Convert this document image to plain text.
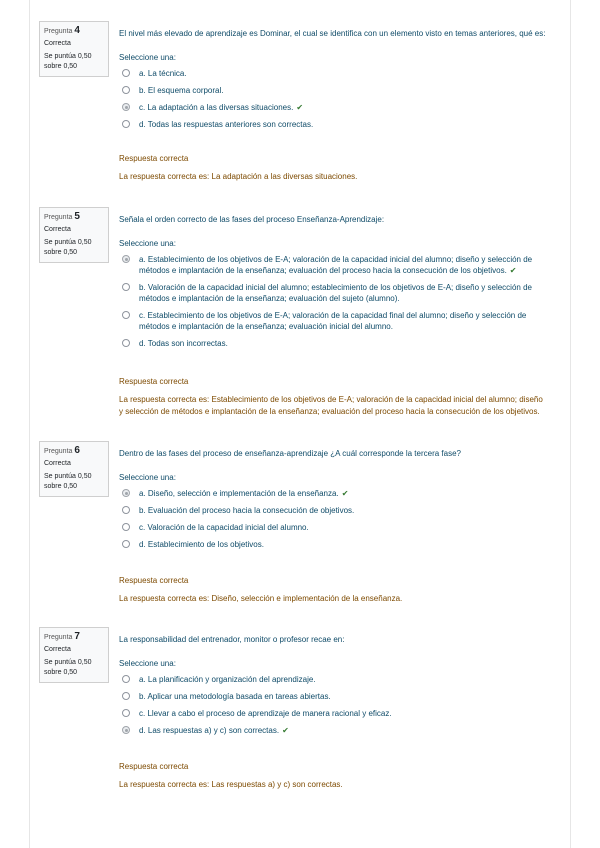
Pregunta 4
Correcta
Se puntúa 0,50
sobre 0,50
El nivel más elevado de aprendizaje es Dominar, el cual se identifica con un elemento visto en temas anteriores, qué es:
Seleccione una:
a. La técnica.
b. El esquema corporal.
c. La adaptación a las diversas situaciones. ✔
d. Todas las respuestas anteriores son correctas.
Respuesta correcta
La respuesta correcta es: La adaptación a las diversas situaciones.
Pregunta 5
Correcta
Se puntúa 0,50
sobre 0,50
Señala el orden correcto de las fases del proceso Enseñanza-Aprendizaje:
Seleccione una:
a. Establecimiento de los objetivos de E-A; valoración de la capacidad inicial del alumno; diseño y selección de métodos e implantación de la enseñanza; evaluación del proceso hacia la consecución de los objetivos. ✔
b. Valoración de la capacidad inicial del alumno; establecimiento de los objetivos de E-A; diseño y selección de métodos e implantación de la enseñanza; evaluación del sujeto (alumno).
c. Establecimiento de los objetivos de E-A; valoración de la capacidad final del alumno; diseño y selección de métodos e implantación de la enseñanza; evaluación inicial del alumno.
d. Todas son incorrectas.
Respuesta correcta
La respuesta correcta es: Establecimiento de los objetivos de E-A; valoración de la capacidad inicial del alumno; diseño y selección de métodos e implantación de la enseñanza; evaluación del proceso hacia la consecución de los objetivos.
Pregunta 6
Correcta
Se puntúa 0,50
sobre 0,50
Dentro de las fases del proceso de enseñanza-aprendizaje ¿A cuál corresponde la tercera fase?
Seleccione una:
a. Diseño, selección e implementación de la enseñanza. ✔
b. Evaluación del proceso hacia la consecución de objetivos.
c. Valoración de la capacidad inicial del alumno.
d. Establecimiento de los objetivos.
Respuesta correcta
La respuesta correcta es: Diseño, selección e implementación de la enseñanza.
Pregunta 7
Correcta
Se puntúa 0,50
sobre 0,50
La responsabilidad del entrenador, monitor o profesor recae en:
Seleccione una:
a. La planificación y organización del aprendizaje.
b. Aplicar una metodología basada en tareas abiertas.
c. Llevar a cabo el proceso de aprendizaje de manera racional y eficaz.
d. Las respuestas a) y c) son correctas. ✔
Respuesta correcta
La respuesta correcta es: Las respuestas a) y c) son correctas.
